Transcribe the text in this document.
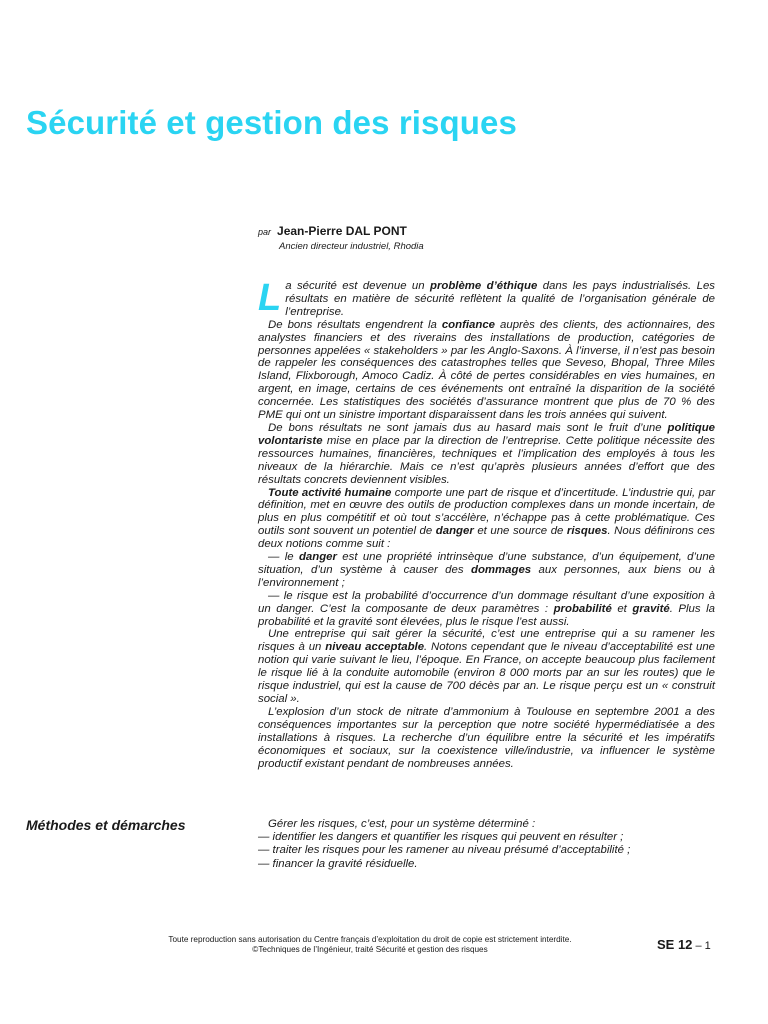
Sécurité et gestion des risques
par Jean-Pierre DAL PONT
Ancien directeur industriel, Rhodia

La sécurité est devenue un problème d’éthique dans les pays industrialisés. Les résultats en matière de sécurité reflètent la qualité de l’organisation générale de l’entreprise.

De bons résultats engendrent la confiance auprès des clients, des actionnaires, des analystes financiers et des riverains des installations de production, catégories de personnes appelées « stakeholders » par les Anglo-Saxons. À l’inverse, il n’est pas besoin de rappeler les conséquences des catastrophes telles que Seveso, Bhopal, Three Miles Island, Flixborough, Amoco Cadiz. À côté de pertes considérables en vies humaines, en argent, en image, certains de ces événements ont entraîné la disparition de la société concernée. Les statistiques des sociétés d’assurance montrent que plus de 70 % des PME qui ont un sinistre important disparaissent dans les trois années qui suivent.

De bons résultats ne sont jamais dus au hasard mais sont le fruit d’une politique volontariste mise en place par la direction de l’entreprise. Cette politique nécessite des ressources humaines, financières, techniques et l’implication des employés à tous les niveaux de la hiérarchie. Mais ce n’est qu’après plusieurs années d’effort que des résultats concrets deviennent visibles.

Toute activité humaine comporte une part de risque et d’incertitude. L’industrie qui, par définition, met en œuvre des outils de production complexes dans un monde incertain, de plus en plus compétitif et où tout s’accélère, n’échappe pas à cette problématique. Ces outils sont souvent un potentiel de danger et une source de risques. Nous définirons ces deux notions comme suit :

— le danger est une propriété intrinsèque d’une substance, d’un équipement, d’une situation, d’un système à causer des dommages aux personnes, aux biens ou à l’environnement ;

— le risque est la probabilité d’occurrence d’un dommage résultant d’une exposition à un danger. C’est la composante de deux paramètres : probabilité et gravité. Plus la probabilité et la gravité sont élevées, plus le risque l’est aussi.

Une entreprise qui sait gérer la sécurité, c’est une entreprise qui a su ramener les risques à un niveau acceptable. Notons cependant que le niveau d’acceptabilité est une notion qui varie suivant le lieu, l’époque. En France, on accepte beaucoup plus facilement le risque lié à la conduite automobile (environ 8 000 morts par an sur les routes) que le risque industriel, qui est la cause de 700 décès par an. Le risque perçu est un « construit social ».

L’explosion d’un stock de nitrate d’ammonium à Toulouse en septembre 2001 a des conséquences importantes sur la perception que notre société hypermédiatisée a des installations à risques. La recherche d’un équilibre entre la sécurité et les impératifs économiques et sociaux, sur la coexistence ville/industrie, va influencer le système productif existant pendant de nombreuses années.

Méthodes et démarches	Gérer les risques, c’est, pour un système déterminé :

— identifier les dangers et quantifier les risques qui peuvent en résulter ;

— traiter les risques pour les ramener au niveau présumé d’acceptabilité ;

— financer la gravité résiduelle.

Toute reproduction sans autorisation du Centre français d’exploitation du droit de copie est strictement interdite.
©Techniques de l’Ingénieur, traité Sécurité et gestion des risques	SE 12 – 1
